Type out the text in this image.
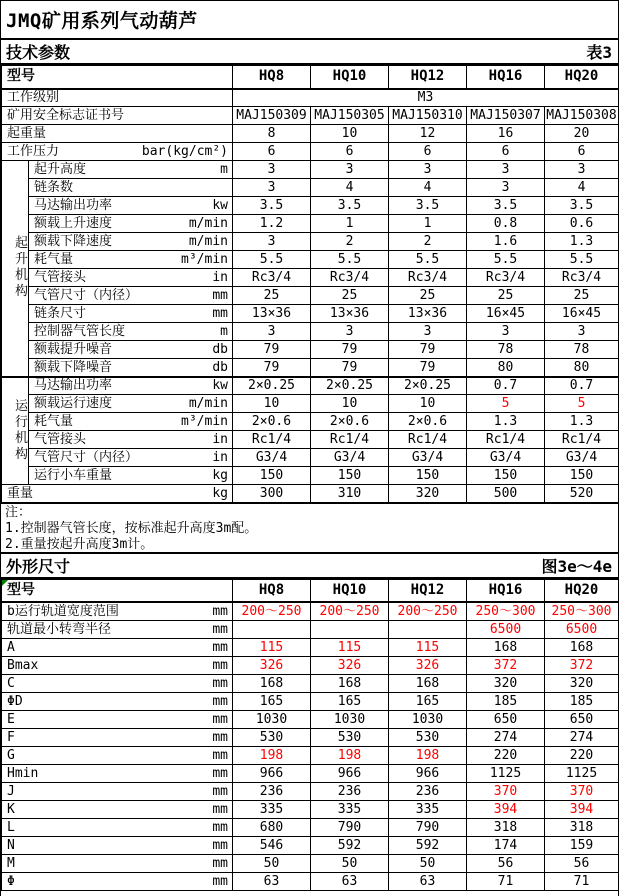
JMQ矿用系列气动葫芦
技术参数	表3
型号		HQ8	HQ10	HQ12	HQ16	HQ20

工作级别		M3				

矿用安全标志证书号		MAJ150309	MAJ150305	MAJ150310	MAJ150307	MAJ150308

起重量		8	10	12	16	20

工作压力 bar(kg/cm²)		6	6	6	6	6

起
升
机
构

起升高度	m	3	3	3	3	3

	链条数	3	4	4	3	4

	马达输出功率 kw	3.5	3.5	3.5	3.5	3.5

	额载上升速度 m/min	1.2	1	1	0.8	0.6

	额载下降速度 m/min	3	2	2	1.6	1.3

	耗气量 m³/min	5.5	5.5	5.5	5.5	5.5

	气管接头 in	Rc3/4	Rc3/4	Rc3/4	Rc3/4	Rc3/4

	气管尺寸（内径） mm	25	25	25	25	25

	链条尺寸 mm	13×36	13×36	13×36	16×45	16×45

	控制器气管长度 m	3	3	3	3	3

	额载提升噪音 db	79	79	79	78	78

	额载下降噪音 db	79	79	79	80	80

运
行
机
构

马达输出功率	kw	2×0.25	2×0.25	2×0.25	0.7	0.7

	额载运行速度 m/min	10	10	10	5	5

	耗气量 m³/min	2×0.6	2×0.6	2×0.6	1.3	1.3

	气管接头 in	Rc1/4	Rc1/4	Rc1/4	Rc1/4	Rc1/4

	气管尺寸（内径） in	G3/4	G3/4	G3/4	G3/4	G3/4

	运行小车重量 kg	150	150	150	150	150

重量 kg		300	310	320	500	520
注：
1.控制器气管长度，按标准起升高度3m配。
2.重量按起升高度3m计。
外形尺寸	图3e～4e
型号	HQ8	HQ10	HQ12	HQ16	HQ20

b运行轨道宽度范围 mm	200～250	200～250	200～250	250～300	250～300

轨道最小转弯半径 mm				6500	6500

A mm	115	115	115	168	168

Bmax mm	326	326	326	372	372

C mm	168	168	168	320	320

ΦD mm	165	165	165	185	185

E mm	1030	1030	1030	650	650

F mm	530	530	530	274	274

G mm	198	198	198	220	220

Hmin mm	966	966	966	1125	1125

J mm	236	236	236	370	370

K mm	335	335	335	394	394

L mm	680	790	790	318	318

N mm	546	592	592	174	159

M mm	50	50	50	56	56

Φ mm	63	63	63	71	71
